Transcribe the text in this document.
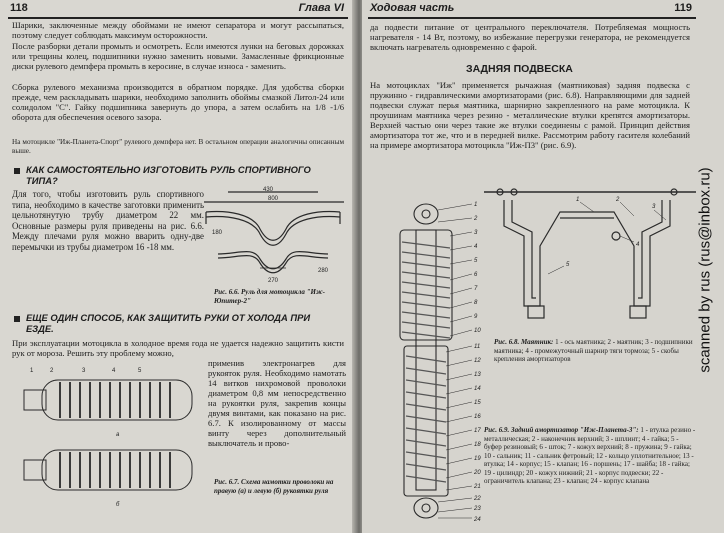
118	Глава VI

Шарики, заключенные между обоймами не имеют сепаратора и могут рассыпаться, поэтому следует соблюдать максимум осторожности.

После разборки детали промыть и осмотреть. Если имеются лунки на беговых дорожках или трещины колец, подшипники нужно заменить новыми. Замасленные фрикционные диски рулевого демпфера промыть в керосине, в случае износа - заменить.

Сборка рулевого механизма производится в обратном порядке. Для удобства сборки прежде, чем раскладывать шарики, необходимо заполнить обоймы смазкой Литол-24 или солидолом "С". Гайку подшипника завернуть до упора, а затем ослабить на 1/8 -1/6 оборота для обеспечения осевого зазора.

На мотоцикле "Иж-Планета-Спорт" рулевого демпфера нет. В остальном операции аналогичны описанным выше.

КАК САМОСТОЯТЕЛЬНО ИЗГОТОВИТЬ РУЛЬ СПОРТИВНОГО ТИПА?

Для того, чтобы изготовить руль спортивного типа, необходимо в качестве заготовки применить цельнотянутую трубу диаметром 22 мм. Основные размеры руля приведены на рис. 6.6. Между плечами руля можно вварить одну-две перемычки из трубы диаметром 16 -18 мм.

430
800
180
270
280
Рис. 6.6. Руль для мотоцикла "Иж-Юпитер-2"
ЕЩЕ ОДИН СПОСОБ, КАК ЗАЩИТИТЬ РУКИ ОТ ХОЛОДА ПРИ ЕЗДЕ.

При эксплуатации мотоцикла в холодное время года не удается надежно защитить кисти рук от мороза. Решить эту проблему можно,

применив электронагрев для рукояток руля. Необходимо намотать 14 витков нихромовой проволоки диаметром 0,8 мм непосредственно на рукоятки руля, закрепив концы двумя винтами, как показано на рис. 6.7. К изолированному от массы винту через дополнительный выключатель и прово-

1	2	3	4	5
а
б
Рис. 6.7. Схема намотки проволоки на правую (а) и левую (б) рукоятки руля
Ходовая часть	119

да подвести питание от центрального переключателя. Потребляемая мощность нагревателя - 14 Вт, поэтому, во избежание перегрузки генератора, не рекомендуется включать нагреватель одновременно с фарой.

ЗАДНЯЯ ПОДВЕСКА

На мотоциклах "Иж" применяется рычажная (маятниковая) задняя подвеска с пружинно - гидравлическими амортизаторами (рис. 6.8). Направляющими для задней подвески служат перья маятника, шарнирно закрепленного на раме мотоцикла. К проушинам маятника через резино - металлические втулки крепятся амортизаторы. Верхней частью они через такие же втулки соединены с рамой. Принцип действия амортизатора тот же, что и в передней вилке. Рассмотрим работу гасителя колебаний на примере амортизатора мотоцикла "Иж-П3" (рис. 6.9).

1
2
3
4
5
6
7
8
9
10
11
12
13
14
15
16
17
18
19
20
21
22
23
24
1	2
3
4
5
Рис. 6.8. Маятник: 1 - ось маятника; 2 - маятник; 3 - подшипники маятника; 4 - промежуточный шарнир тяги тормоза; 5 - скобы крепления амортизаторов
Рис. 6.9. Задний амортизатор "Иж-Планета-3": 1 - втулка резино - металлическая; 2 - наконечник верхний; 3 - шплинт; 4 - гайка; 5 - буфер резиновый; 6 - шток; 7 - кожух верхний; 8 - пружина; 9 - гайка; 10 - сальник; 11 - сальник фетровый; 12 - кольцо уплотнительное; 13 - втулка; 14 - корпус; 15 - клапан; 16 - поршень; 17 - шайба; 18 - гайка; 19 - цилиндр; 20 - кожух нижний; 21 - корпус подвески; 22 - ограничитель клапана; 23 - клапан; 24 - корпус клапана
scanned by rus (rus@inbox.ru)
